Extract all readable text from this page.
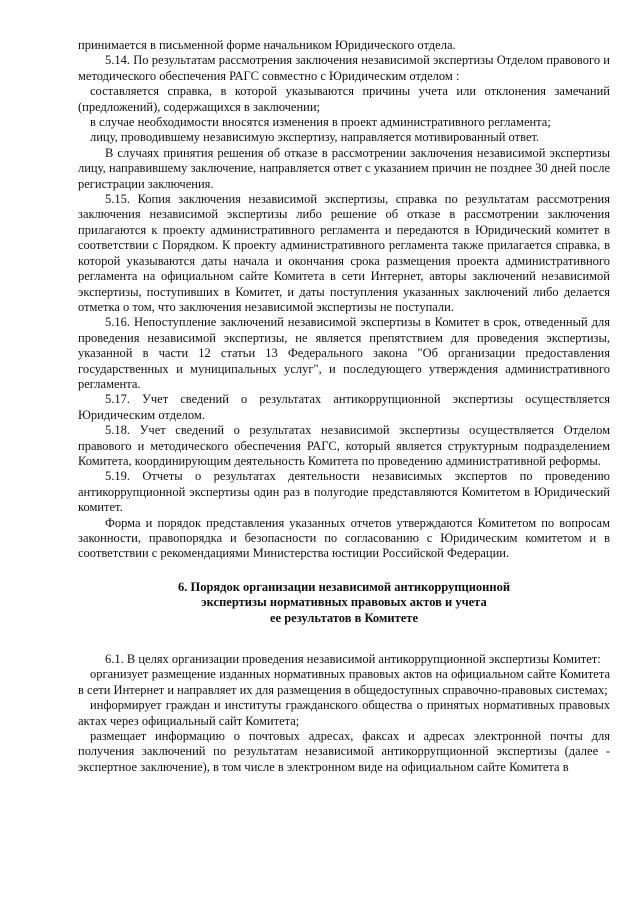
принимается в письменной форме начальником Юридического отдела.

5.14. По результатам рассмотрения заключения независимой экспертизы Отделом правового и методического обеспечения РАГС совместно с Юридическим отделом :

составляется справка, в которой указываются причины учета или отклонения замечаний (предложений), содержащихся в заключении;

в случае необходимости вносятся изменения в проект административного регламента;

лицу, проводившему независимую экспертизу, направляется мотивированный ответ.

В случаях принятия решения об отказе в рассмотрении заключения независимой экспертизы лицу, направившему заключение, направляется ответ с указанием причин не позднее 30 дней после регистрации заключения.

5.15. Копия заключения независимой экспертизы, справка по результатам рассмотрения заключения независимой экспертизы либо решение об отказе в рассмотрении заключения прилагаются к проекту административного регламента и передаются в Юридический комитет в соответствии с Порядком. К проекту административного регламента также прилагается справка, в которой указываются даты начала и окончания срока размещения проекта административного регламента на официальном сайте Комитета в сети Интернет, авторы заключений независимой экспертизы, поступивших в Комитет, и даты поступления указанных заключений либо делается отметка о том, что заключения независимой экспертизы не поступали.

5.16. Непоступление заключений независимой экспертизы в Комитет в срок, отведенный для проведения независимой экспертизы, не является препятствием для проведения экспертизы, указанной в части 12 статьи 13 Федерального закона "Об организации предоставления государственных и муниципальных услуг", и последующего утверждения административного регламента.

5.17. Учет сведений о результатах антикоррупционной экспертизы осуществляется Юридическим отделом.

5.18. Учет сведений о результатах независимой экспертизы осуществляется Отделом правового и методического обеспечения РАГС, который является структурным подразделением Комитета, координирующим деятельность Комитета по проведению административной реформы.

5.19. Отчеты о результатах деятельности независимых экспертов по проведению антикоррупционной экспертизы один раз в полугодие представляются Комитетом в Юридический комитет.

Форма и порядок представления указанных отчетов утверждаются Комитетом по вопросам законности, правопорядка и безопасности по согласованию с Юридическим комитетом и в соответствии с рекомендациями Министерства юстиции Российской Федерации.

6. Порядок организации независимой антикоррупционной
экспертизы нормативных правовых актов и учета
ее результатов в Комитете

6.1. В целях организации проведения независимой антикоррупционной экспертизы Комитет:

организует размещение изданных нормативных правовых актов на официальном сайте Комитета в сети Интернет и направляет их для размещения в общедоступных справочно-правовых системах;

информирует граждан и институты гражданского общества о принятых нормативных правовых актах через официальный сайт Комитета;

размещает информацию о почтовых адресах, факсах и адресах электронной почты для получения заключений по результатам независимой антикоррупционной экспертизы (далее - экспертное заключение), в том числе в электронном виде на официальном сайте Комитета в
